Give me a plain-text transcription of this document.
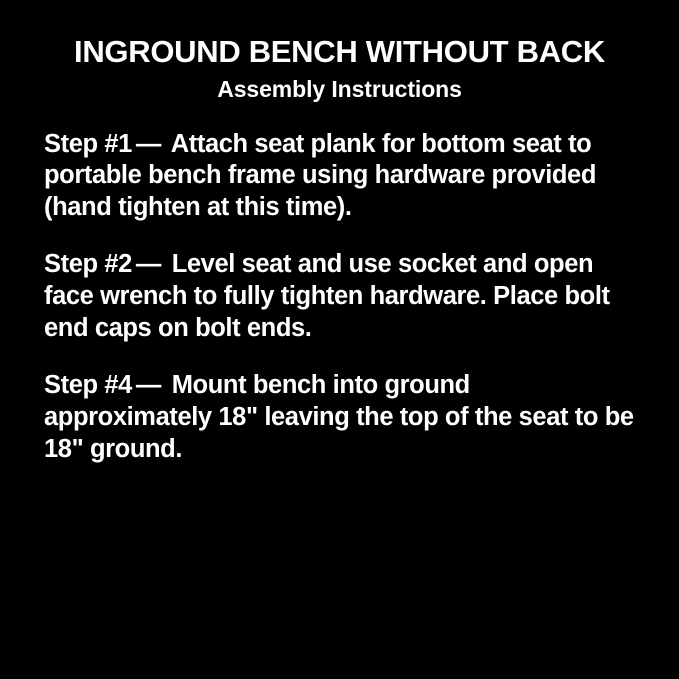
INGROUND BENCH WITHOUT BACK
Assembly Instructions

Step #1 — Attach seat plank for bottom seat to portable bench frame using hardware provided (hand tighten at this time).

Step #2 — Level seat and use socket and open face wrench to fully tighten hardware. Place bolt end caps on bolt ends.

Step #4 — Mount bench into ground approximately 18" leaving the top of the seat to be 18" ground.
